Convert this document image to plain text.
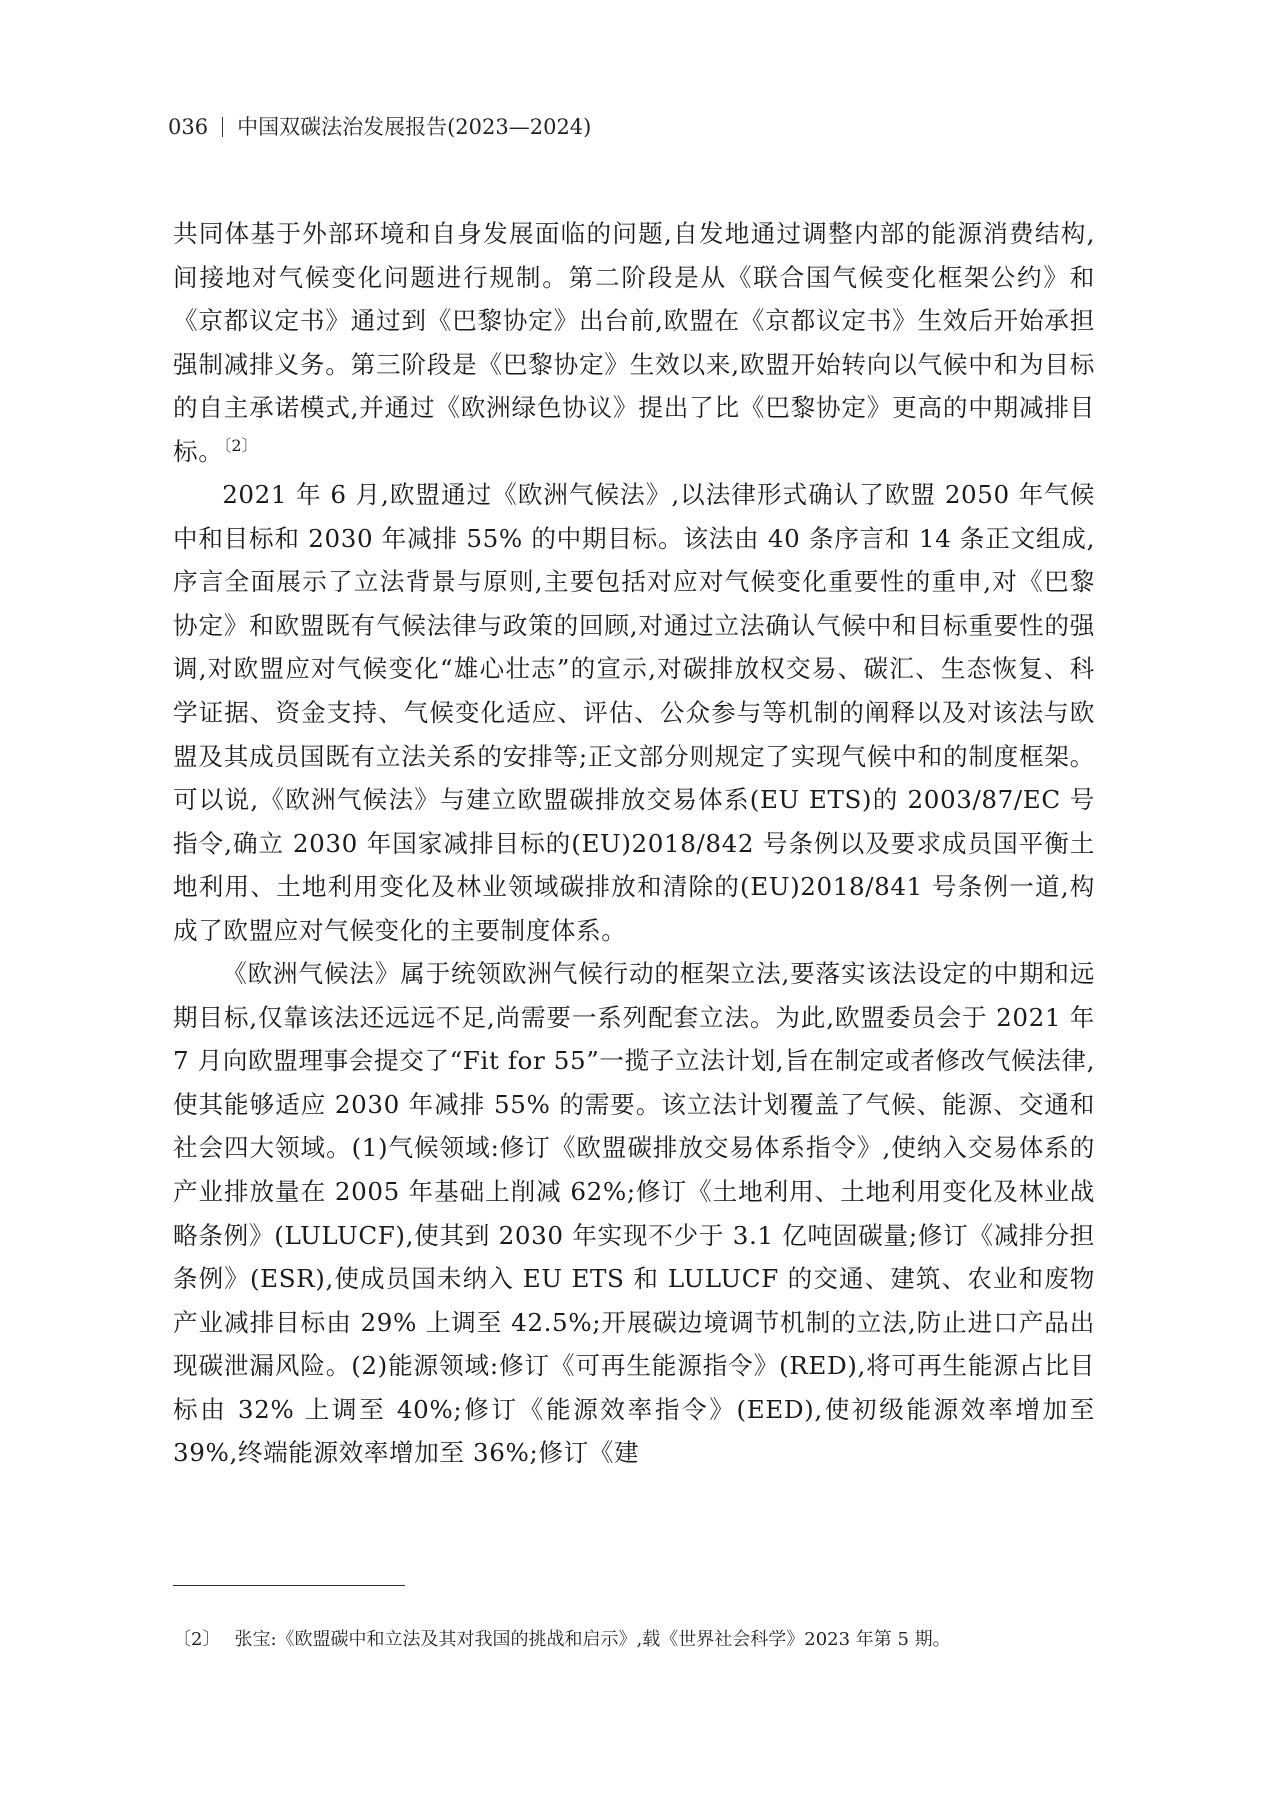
036 中国双碳法治发展报告(2023—2024)

共同体基于外部环境和自身发展面临的问题,自发地通过调整内部的能源消费结构,间接地对气候变化问题进行规制。第二阶段是从《联合国气候变化框架公约》和《京都议定书》通过到《巴黎协定》出台前,欧盟在《京都议定书》生效后开始承担强制减排义务。第三阶段是《巴黎协定》生效以来,欧盟开始转向以气候中和为目标的自主承诺模式,并通过《欧洲绿色协议》提出了比《巴黎协定》更高的中期减排目标。$^{〔2〕}$

2021 年 6 月,欧盟通过《欧洲气候法》,以法律形式确认了欧盟 2050 年气候中和目标和 2030 年减排 55% 的中期目标。该法由 40 条序言和 14 条正文组成,序言全面展示了立法背景与原则,主要包括对应对气候变化重要性的重申,对《巴黎协定》和欧盟既有气候法律与政策的回顾,对通过立法确认气候中和目标重要性的强调,对欧盟应对气候变化“雄心壮志”的宣示,对碳排放权交易、碳汇、生态恢复、科学证据、资金支持、气候变化适应、评估、公众参与等机制的阐释以及对该法与欧盟及其成员国既有立法关系的安排等;正文部分则规定了实现气候中和的制度框架。可以说,《欧洲气候法》与建立欧盟碳排放交易体系(EU ETS)的 2003/87/EC 号指令,确立 2030 年国家减排目标的(EU)2018/842 号条例以及要求成员国平衡土地利用、土地利用变化及林业领域碳排放和清除的(EU)2018/841 号条例一道,构成了欧盟应对气候变化的主要制度体系。

《欧洲气候法》属于统领欧洲气候行动的框架立法,要落实该法设定的中期和远期目标,仅靠该法还远远不足,尚需要一系列配套立法。为此,欧盟委员会于 2021 年 7 月向欧盟理事会提交了“Fit for 55”一揽子立法计划,旨在制定或者修改气候法律,使其能够适应 2030 年减排 55% 的需要。该立法计划覆盖了气候、能源、交通和社会四大领域。(1)气候领域:修订《欧盟碳排放交易体系指令》,使纳入交易体系的产业排放量在 2005 年基础上削减 62%;修订《土地利用、土地利用变化及林业战略条例》(LULUCF),使其到 2030 年实现不少于 3.1 亿吨固碳量;修订《减排分担条例》(ESR),使成员国未纳入 EU ETS 和 LULUCF 的交通、建筑、农业和废物产业减排目标由 29% 上调至 42.5%;开展碳边境调节机制的立法,防止进口产品出现碳泄漏风险。(2)能源领域:修订《可再生能源指令》(RED),将可再生能源占比目标由 32% 上调至 40%;修订《能源效率指令》(EED),使初级能源效率增加至 39%,终端能源效率增加至 36%;修订《建

〔2〕 张宝:《欧盟碳中和立法及其对我国的挑战和启示》,载《世界社会科学》2023 年第 5 期。
